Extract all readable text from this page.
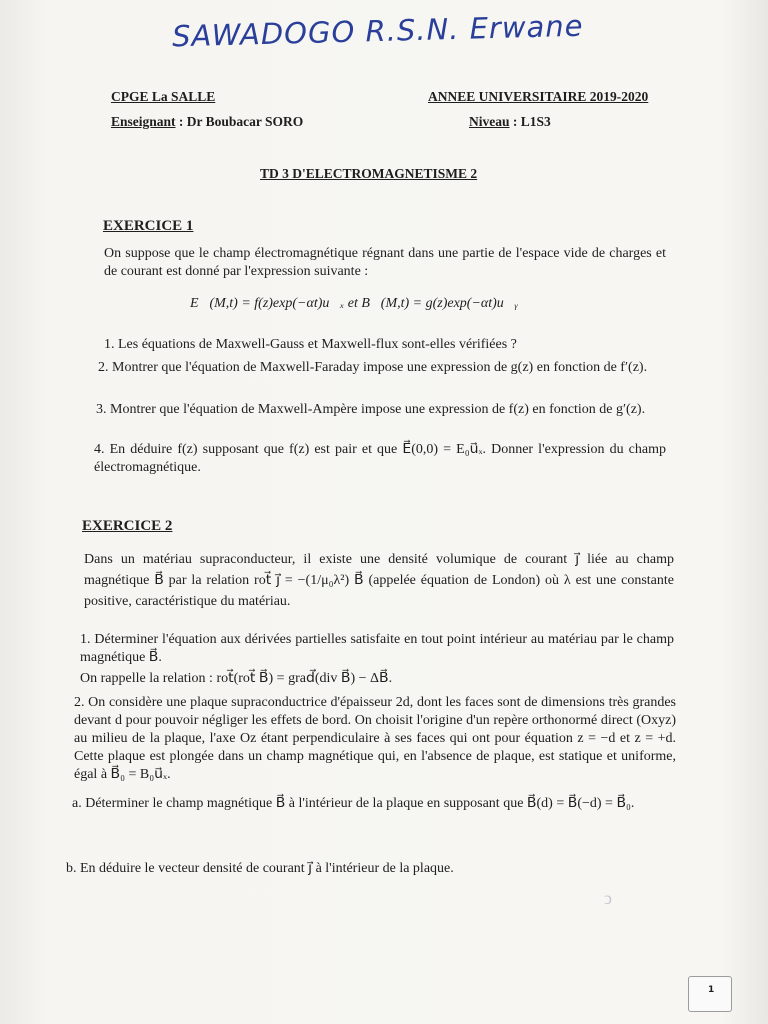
SAWADOGO R.S.N. Erwane
CPGE La SALLE	ANNEE UNIVERSITAIRE 2019-2020
Enseignant : Dr Boubacar SORO	Niveau : L1S3
TD 3 D'ELECTROMAGNETISME 2
EXERCICE 1
On suppose que le champ électromagnétique régnant dans une partie de l'espace vide de charges et de courant est donné par l'expression suivante :
E⃗(M,t) = f(z)exp(−αt)u⃗ₓ et B⃗(M,t) = g(z)exp(−αt)u⃗ᵧ
1. Les équations de Maxwell-Gauss et Maxwell-flux sont-elles vérifiées ?
2. Montrer que l'équation de Maxwell-Faraday impose une expression de g(z) en fonction de f′(z).
3. Montrer que l'équation de Maxwell-Ampère impose une expression de f(z) en fonction de g′(z).
4. En déduire f(z) supposant que f(z) est pair et que E⃗(0,0) = E₀u⃗ₓ. Donner l'expression du champ électromagnétique.
EXERCICE 2
Dans un matériau supraconducteur, il existe une densité volumique de courant j⃗ liée au champ magnétique B⃗ par la relation rot⃗ j⃗ = −(1/μ₀λ²) B⃗ (appelée équation de London) où λ est une constante positive, caractéristique du matériau.
1. Déterminer l'équation aux dérivées partielles satisfaite en tout point intérieur au matériau par le champ magnétique B⃗.
On rappelle la relation : rot⃗(rot⃗ B⃗) = grad⃗(div B⃗) − ΔB⃗.
2. On considère une plaque supraconductrice d'épaisseur 2d, dont les faces sont de dimensions très grandes devant d pour pouvoir négliger les effets de bord. On choisit l'origine d'un repère orthonormé direct (Oxyz) au milieu de la plaque, l'axe Oz étant perpendiculaire à ses faces qui ont pour équation z = −d et z = +d. Cette plaque est plongée dans un champ magnétique qui, en l'absence de plaque, est statique et uniforme, égal à B⃗₀ = B₀u⃗ₓ.
a. Déterminer le champ magnétique B⃗ à l'intérieur de la plaque en supposant que B⃗(d) = B⃗(−d) = B⃗₀.
b. En déduire le vecteur densité de courant j⃗ à l'intérieur de la plaque.
ↄ
1
